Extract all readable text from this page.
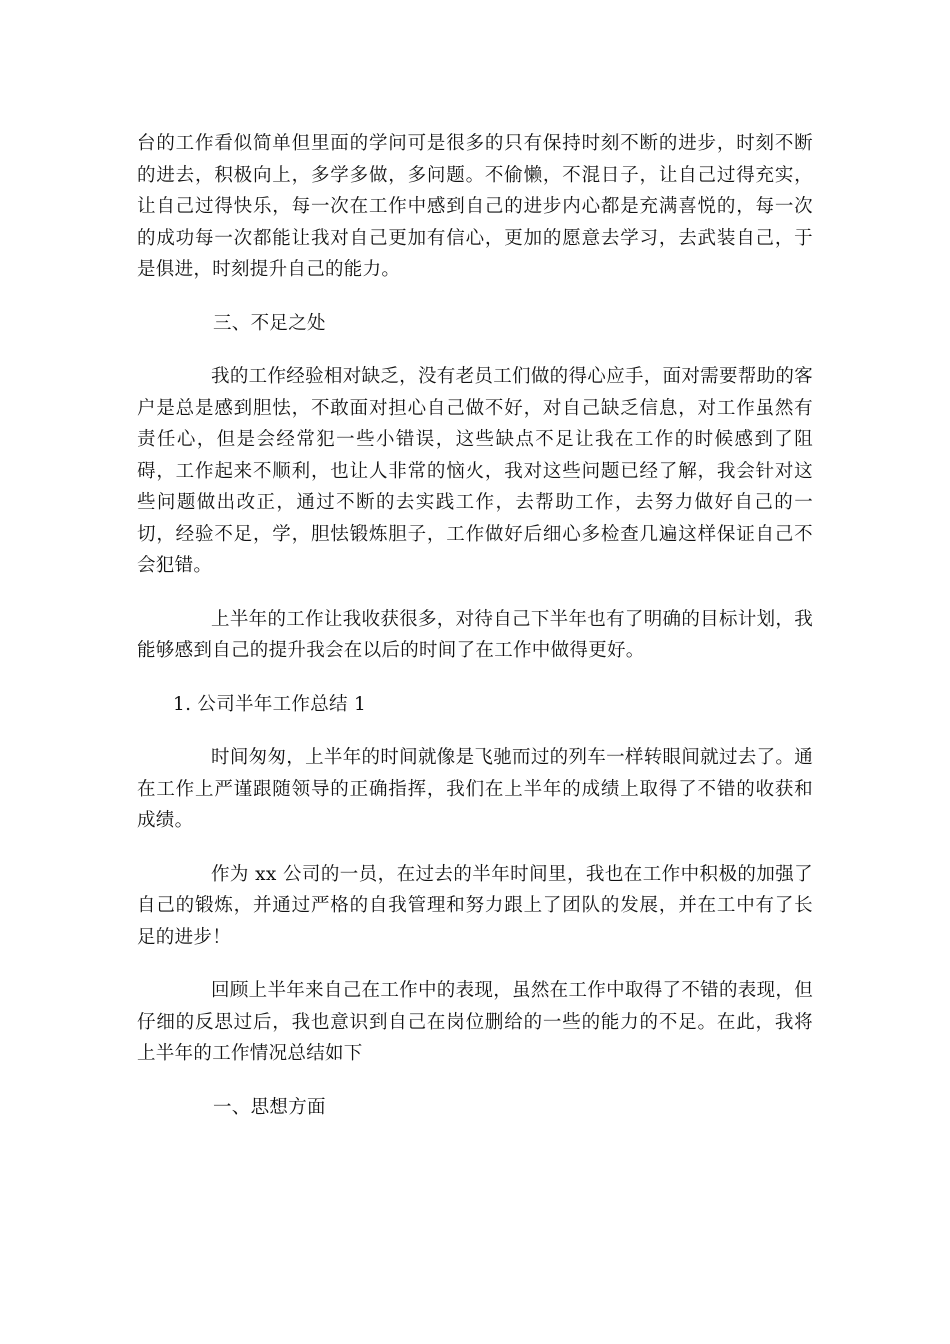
台的工作看似简单但里面的学问可是很多的只有保持时刻不断的进步，时刻不断的进去，积极向上，多学多做，多问题。不偷懒，不混日子，让自己过得充实，让自己过得快乐，每一次在工作中感到自己的进步内心都是充满喜悦的，每一次的成功每一次都能让我对自己更加有信心，更加的愿意去学习，去武装自己，于是俱进，时刻提升自己的能力。

三、不足之处

我的工作经验相对缺乏，没有老员工们做的得心应手，面对需要帮助的客户是总是感到胆怯，不敢面对担心自己做不好，对自己缺乏信息，对工作虽然有责任心，但是会经常犯一些小错误，这些缺点不足让我在工作的时候感到了阻碍，工作起来不顺利，也让人非常的恼火，我对这些问题已经了解，我会针对这些问题做出改正，通过不断的去实践工作，去帮助工作，去努力做好自己的一切，经验不足，学，胆怯锻炼胆子，工作做好后细心多检查几遍这样保证自己不会犯错。

上半年的工作让我收获很多，对待自己下半年也有了明确的目标计划，我能够感到自己的提升我会在以后的时间了在工作中做得更好。

1. 公司半年工作总结 1

时间匆匆，上半年的时间就像是飞驰而过的列车一样转眼间就过去了。通在工作上严谨跟随领导的正确指挥，我们在上半年的成绩上取得了不错的收获和成绩。

作为 xx 公司的一员，在过去的半年时间里，我也在工作中积极的加强了自己的锻炼，并通过严格的自我管理和努力跟上了团队的发展，并在工中有了长足的进步！

回顾上半年来自己在工作中的表现，虽然在工作中取得了不错的表现，但仔细的反思过后，我也意识到自己在岗位删给的一些的能力的不足。在此，我将上半年的工作情况总结如下

一、思想方面
